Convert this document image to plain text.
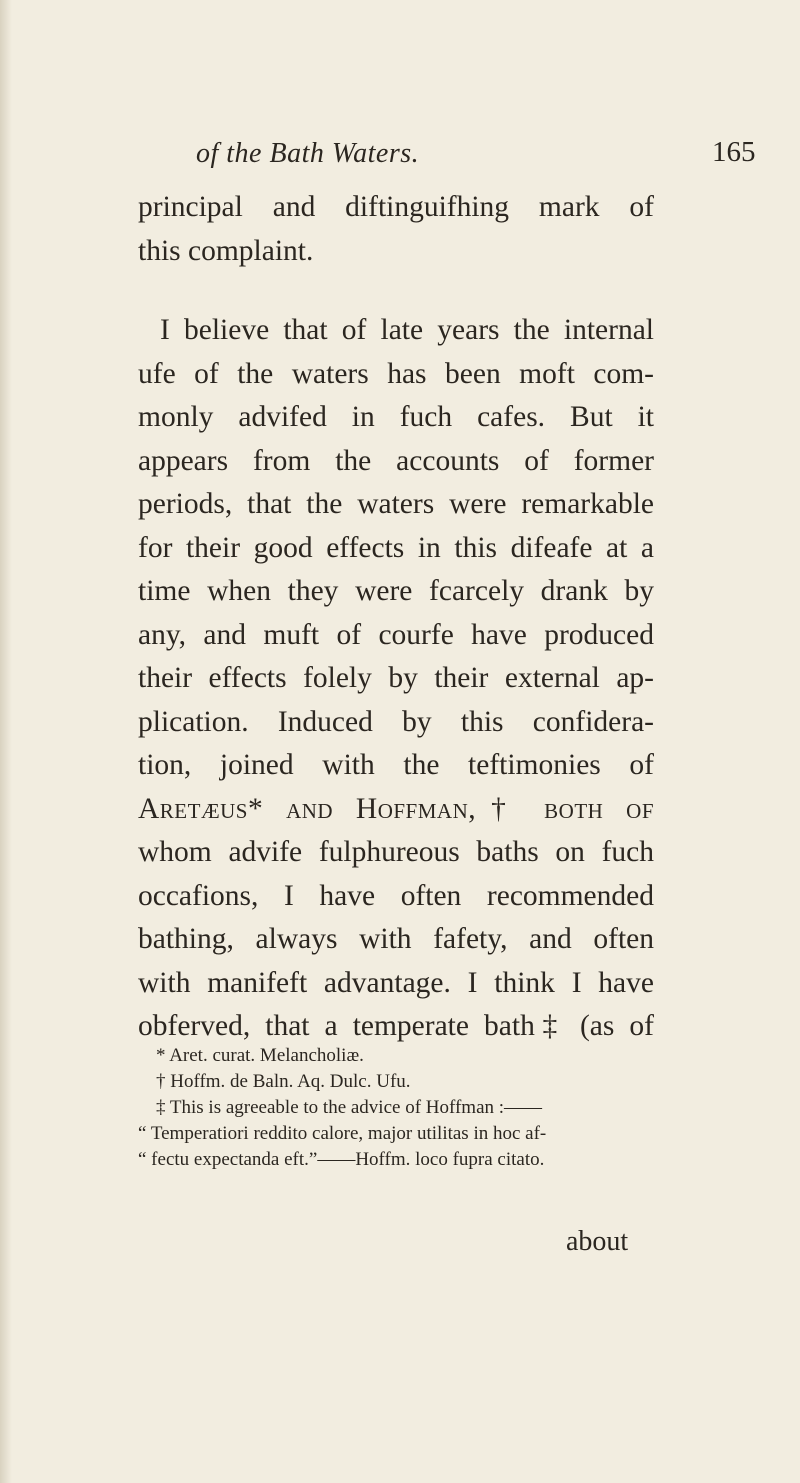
of the Bath Waters.	165

principal and diftinguifhing mark of
this complaint.

I believe that of late years the internal
ufe of the waters has been moft com-
monly advifed in fuch cafes. But it
appears from the accounts of former
periods, that the waters were remarkable
for their good effects in this difeafe at a
time when they were fcarcely drank by
any, and muft of courfe have produced
their effects folely by their external ap-
plication. Induced by this confidera-
tion, joined with the teftimonies of
Aretæus* and Hoffman,† both of
whom advife fulphureous baths on fuch
occafions, I have often recommended
bathing, always with fafety, and often
with manifeft advantage. I think I have
obferved, that a temperate bath‡ (as of

* Aret. curat. Melancholiæ.
† Hoffm. de Baln. Aq. Dulc. Ufu.
‡ This is agreeable to the advice of Hoffman :——
“ Temperatiori reddito calore, major utilitas in hoc af-
“ fectu expectanda eft.”——Hoffm. loco fupra citato.
about
